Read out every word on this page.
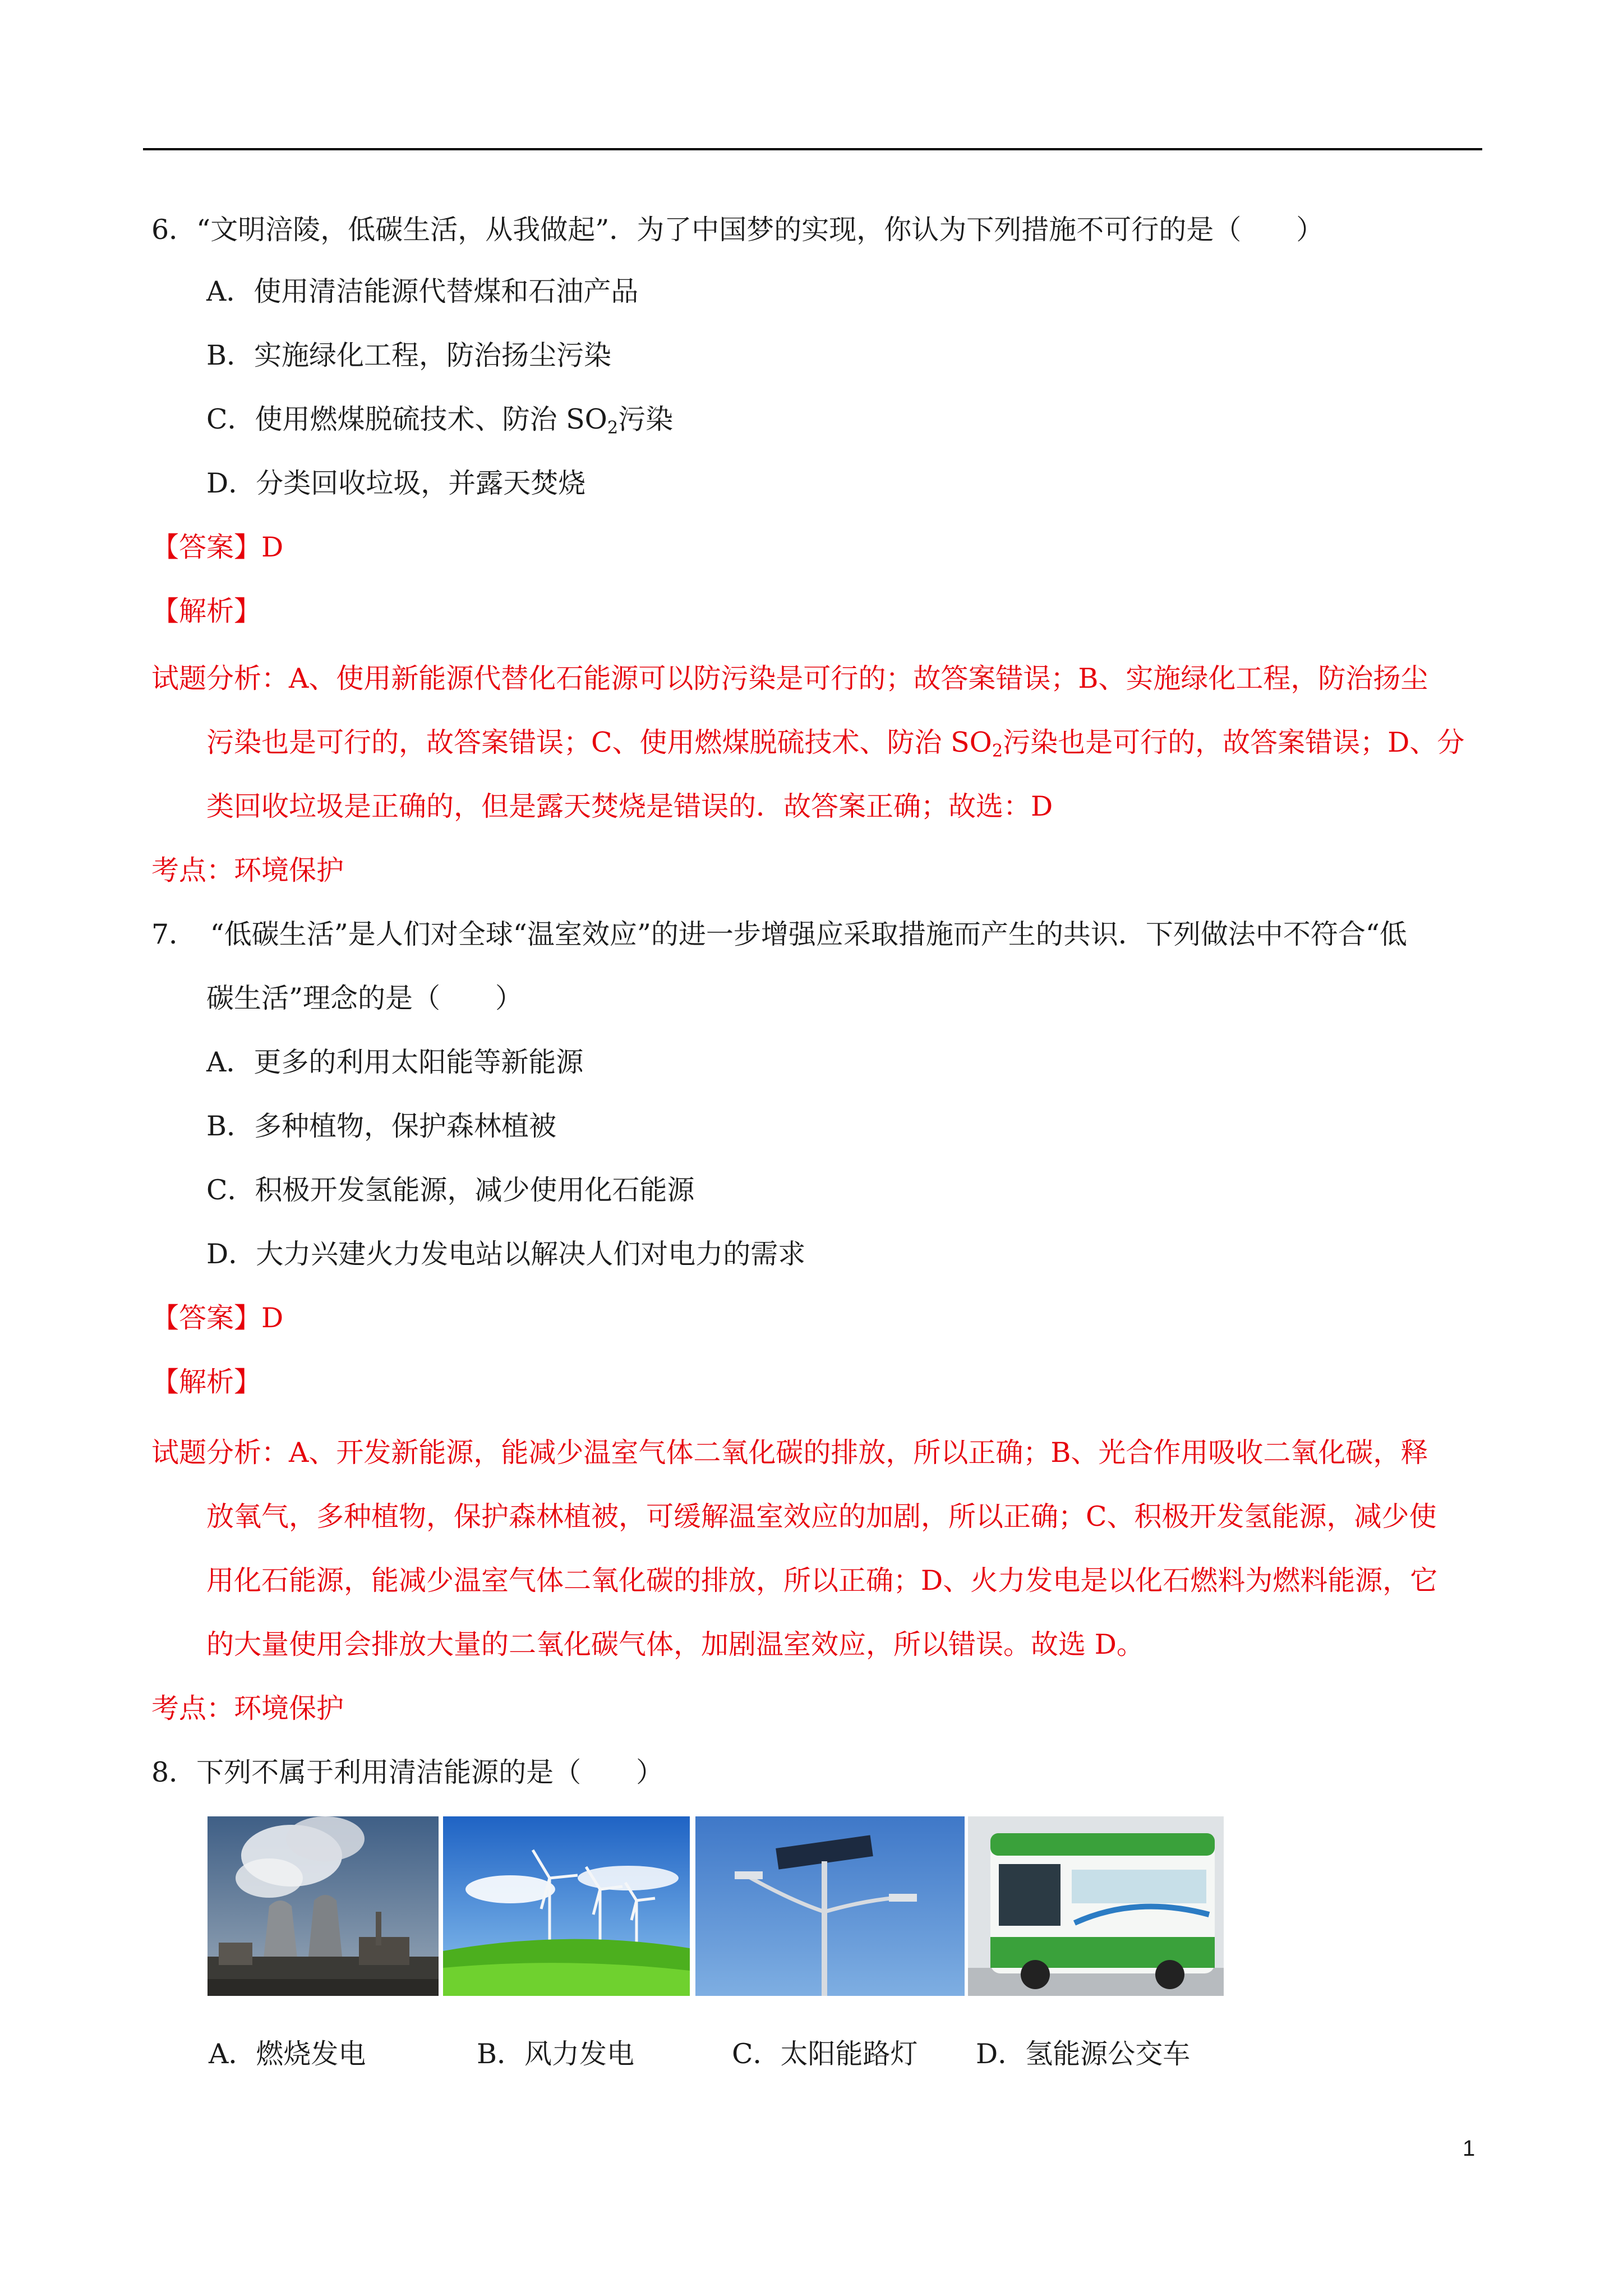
6．“文明涪陵，低碳生活，从我做起”．为了中国梦的实现，你认为下列措施不可行的是（　　）
A．使用清洁能源代替煤和石油产品
B．实施绿化工程，防治扬尘污染
C．使用燃煤脱硫技术、防治 $SO_2$污染
D．分类回收垃圾，并露天焚烧
【答案】D
【解析】
试题分析：A、使用新能源代替化石能源可以防污染是可行的；故答案错误；B、实施绿化工程，防治扬尘
污染也是可行的，故答案错误；C、使用燃煤脱硫技术、防治 $SO_2$污染也是可行的，故答案错误；D、分
类回收垃圾是正确的，但是露天焚烧是错误的．故答案正确；故选：D
考点：环境保护
7．　“低碳生活”是人们对全球“温室效应”的进一步增强应采取措施而产生的共识．下列做法中不符合“低
碳生活”理念的是（　　）
A．更多的利用太阳能等新能源
B．多种植物，保护森林植被
C．积极开发氢能源，减少使用化石能源
D．大力兴建火力发电站以解决人们对电力的需求
【答案】D
【解析】
试题分析：A、开发新能源，能减少温室气体二氧化碳的排放，所以正确；B、光合作用吸收二氧化碳，释
放氧气，多种植物，保护森林植被，可缓解温室效应的加剧，所以正确；C、积极开发氢能源，减少使
用化石能源，能减少温室气体二氧化碳的排放，所以正确；D、火力发电是以化石燃料为燃料能源，它
的大量使用会排放大量的二氧化碳气体，加剧温室效应，所以错误。故选 D。
考点：环境保护
8．下列不属于利用清洁能源的是（　　）
A．燃烧发电	B．风力发电	C．太阳能路灯 D．氢能源公交车
1
